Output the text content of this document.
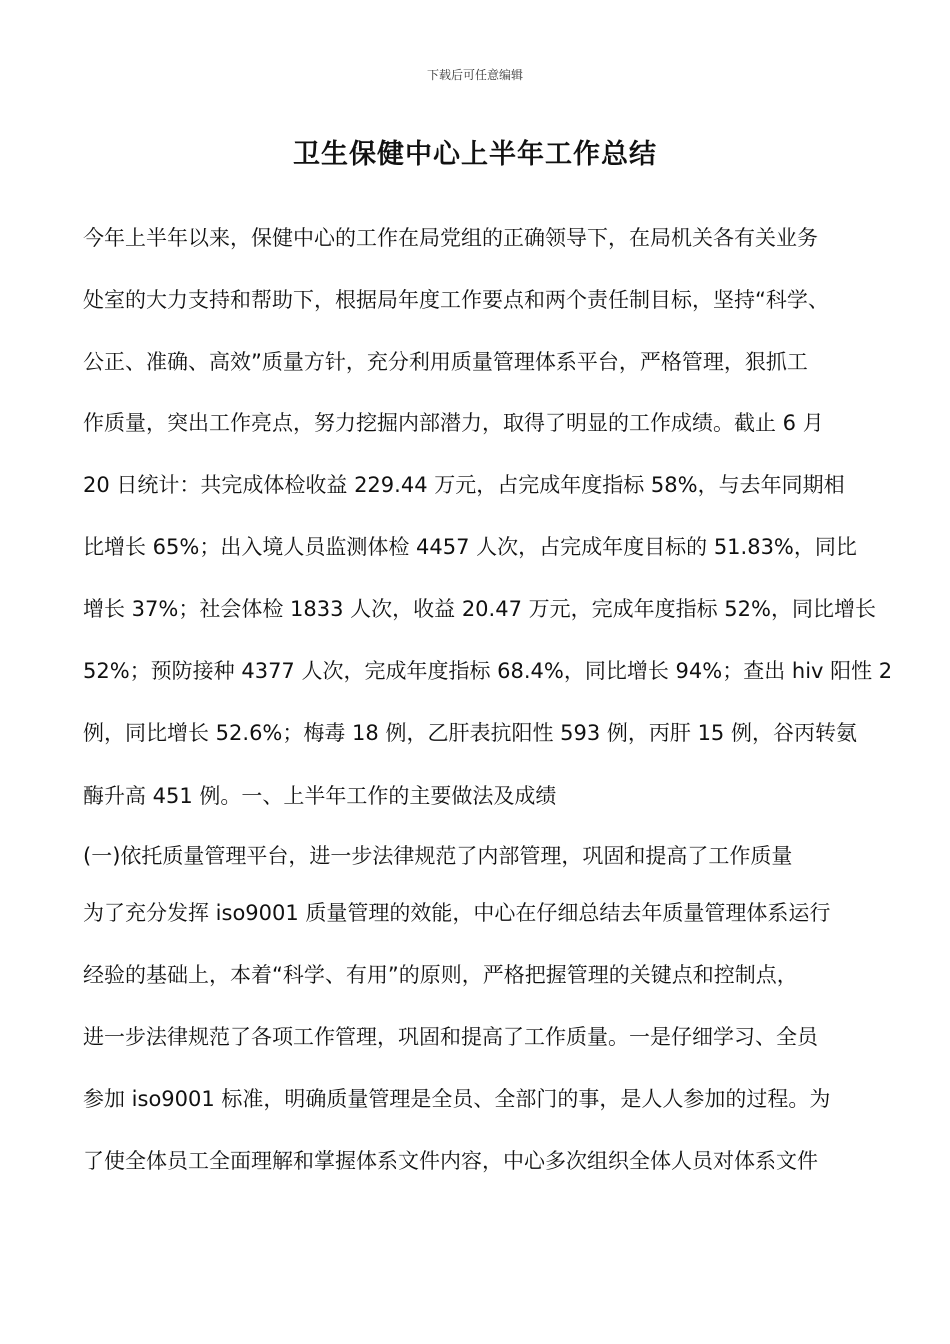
下载后可任意编辑
卫生保健中心上半年工作总结
今年上半年以来，保健中心的工作在局党组的正确领导下，在局机关各有关业务
处室的大力支持和帮助下，根据局年度工作要点和两个责任制目标，坚持“科学、
公正、准确、高效”质量方针，充分利用质量管理体系平台，严格管理，狠抓工
作质量，突出工作亮点，努力挖掘内部潜力，取得了明显的工作成绩。截止 6 月
20 日统计：共完成体检收益 229.44 万元，占完成年度指标 58%，与去年同期相
比增长 65%；出入境人员监测体检 4457 人次，占完成年度目标的 51.83%，同比
增长 37%；社会体检 1833 人次，收益 20.47 万元，完成年度指标 52%，同比增长
52%；预防接种 4377 人次，完成年度指标 68.4%，同比增长 94%；查出 hiv 阳性 2
例，同比增长 52.6%；梅毒 18 例，乙肝表抗阳性 593 例，丙肝 15 例，谷丙转氨
酶升高 451 例。一、上半年工作的主要做法及成绩
(一)依托质量管理平台，进一步法律规范了内部管理，巩固和提高了工作质量
为了充分发挥 iso9001 质量管理的效能，中心在仔细总结去年质量管理体系运行
经验的基础上，本着“科学、有用”的原则，严格把握管理的关键点和控制点，
进一步法律规范了各项工作管理，巩固和提高了工作质量。一是仔细学习、全员
参加 iso9001 标准，明确质量管理是全员、全部门的事，是人人参加的过程。为
了使全体员工全面理解和掌握体系文件内容，中心多次组织全体人员对体系文件
